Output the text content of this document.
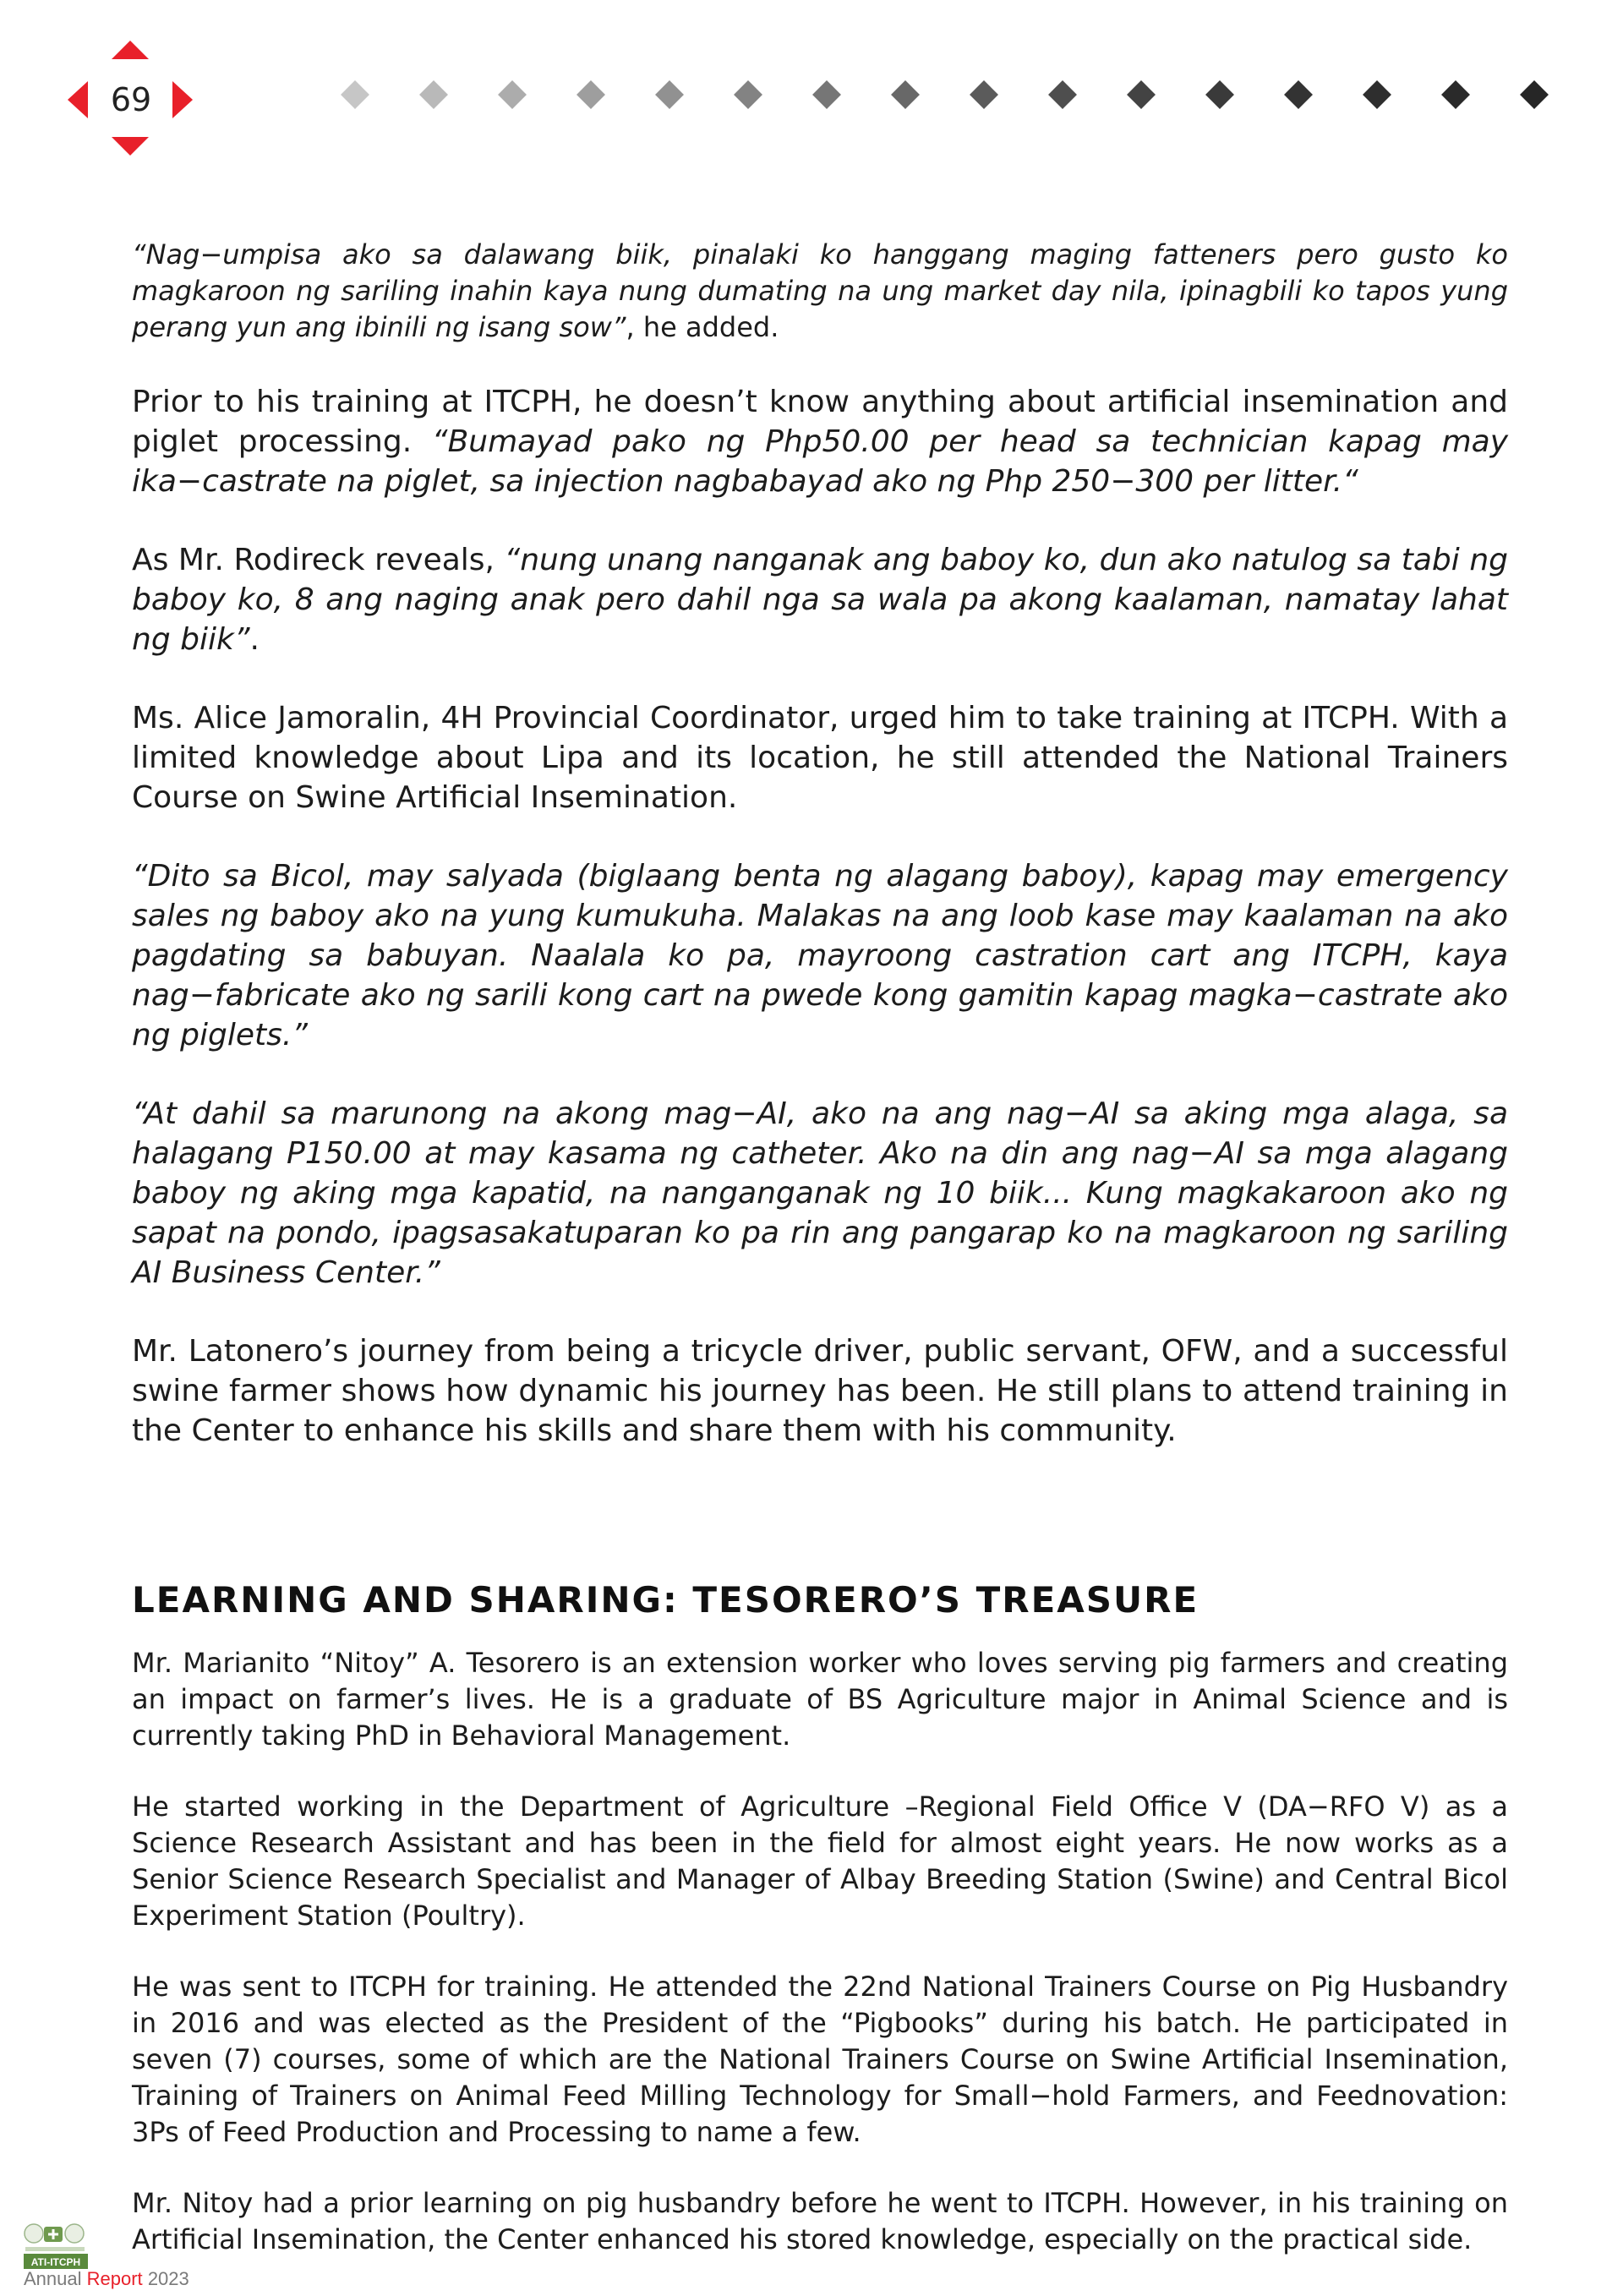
69

“Nag−umpisa ako sa dalawang biik, pinalaki ko hanggang maging fatteners pero gusto ko magkaroon ng sariling inahin kaya nung dumating na ung market day nila, ipinagbili ko tapos yung perang yun ang ibinili ng isang sow”, he added.

Prior to his training at ITCPH, he doesn’t know anything about artificial insemination and piglet processing. “Bumayad pako ng Php50.00 per head sa technician kapag may ika−castrate na piglet, sa injection nagbabayad ako ng Php 250−300 per litter.“

As Mr. Rodireck reveals, “nung unang nanganak ang baboy ko, dun ako natulog sa tabi ng baboy ko, 8 ang naging anak pero dahil nga sa wala pa akong kaalaman, namatay lahat ng biik”.

Ms. Alice Jamoralin, 4H Provincial Coordinator, urged him to take training at ITCPH. With a limited knowledge about Lipa and its location, he still attended the National Trainers Course on Swine Artificial Insemination.

“Dito sa Bicol, may salyada (biglaang benta ng alagang baboy), kapag may emergency sales ng baboy ako na yung kumukuha. Malakas na ang loob kase may kaalaman na ako pagdating sa babuyan. Naalala ko pa, mayroong castration cart ang ITCPH, kaya nag−fabricate ako ng sarili kong cart na pwede kong gamitin kapag magka−castrate ako ng piglets.”

“At dahil sa marunong na akong mag−AI, ako na ang nag−AI sa aking mga alaga, sa halagang P150.00 at may kasama ng catheter. Ako na din ang nag−AI sa mga alagang baboy ng aking mga kapatid, na nanganganak ng 10 biik... Kung magkakaroon ako ng sapat na pondo, ipagsasakatuparan ko pa rin ang pangarap ko na magkaroon ng sariling AI Business Center.”

Mr. Latonero’s journey from being a tricycle driver, public servant, OFW, and a successful swine farmer shows how dynamic his journey has been. He still plans to attend training in the Center to enhance his skills and share them with his community.

LEARNING AND SHARING: TESORERO’S TREASURE

Mr. Marianito “Nitoy” A. Tesorero is an extension worker who loves serving pig farmers and creating an impact on farmer’s lives. He is a graduate of BS Agriculture major in Animal Science and is currently taking PhD in Behavioral Management.

He started working in the Department of Agriculture –Regional Field Office V (DA−RFO V) as a Science Research Assistant and has been in the field for almost eight years. He now works as a Senior Science Research Specialist and Manager of Albay Breeding Station (Swine) and Central Bicol Experiment Station (Poultry).

He was sent to ITCPH for training. He attended the 22nd National Trainers Course on Pig Husbandry in 2016 and was elected as the President of the “Pigbooks” during his batch. He participated in seven (7) courses, some of which are the National Trainers Course on Swine Artificial Insemination, Training of Trainers on Animal Feed Milling Technology for Small−hold Farmers, and Feednovation: 3Ps of Feed Production and Processing to name a few.

Mr. Nitoy had a prior learning on pig husbandry before he went to ITCPH. However, in his training on Artificial Insemination, the Center enhanced his stored knowledge, especially on the practical side.

ATI-ITCPH
Annual Report 2023
